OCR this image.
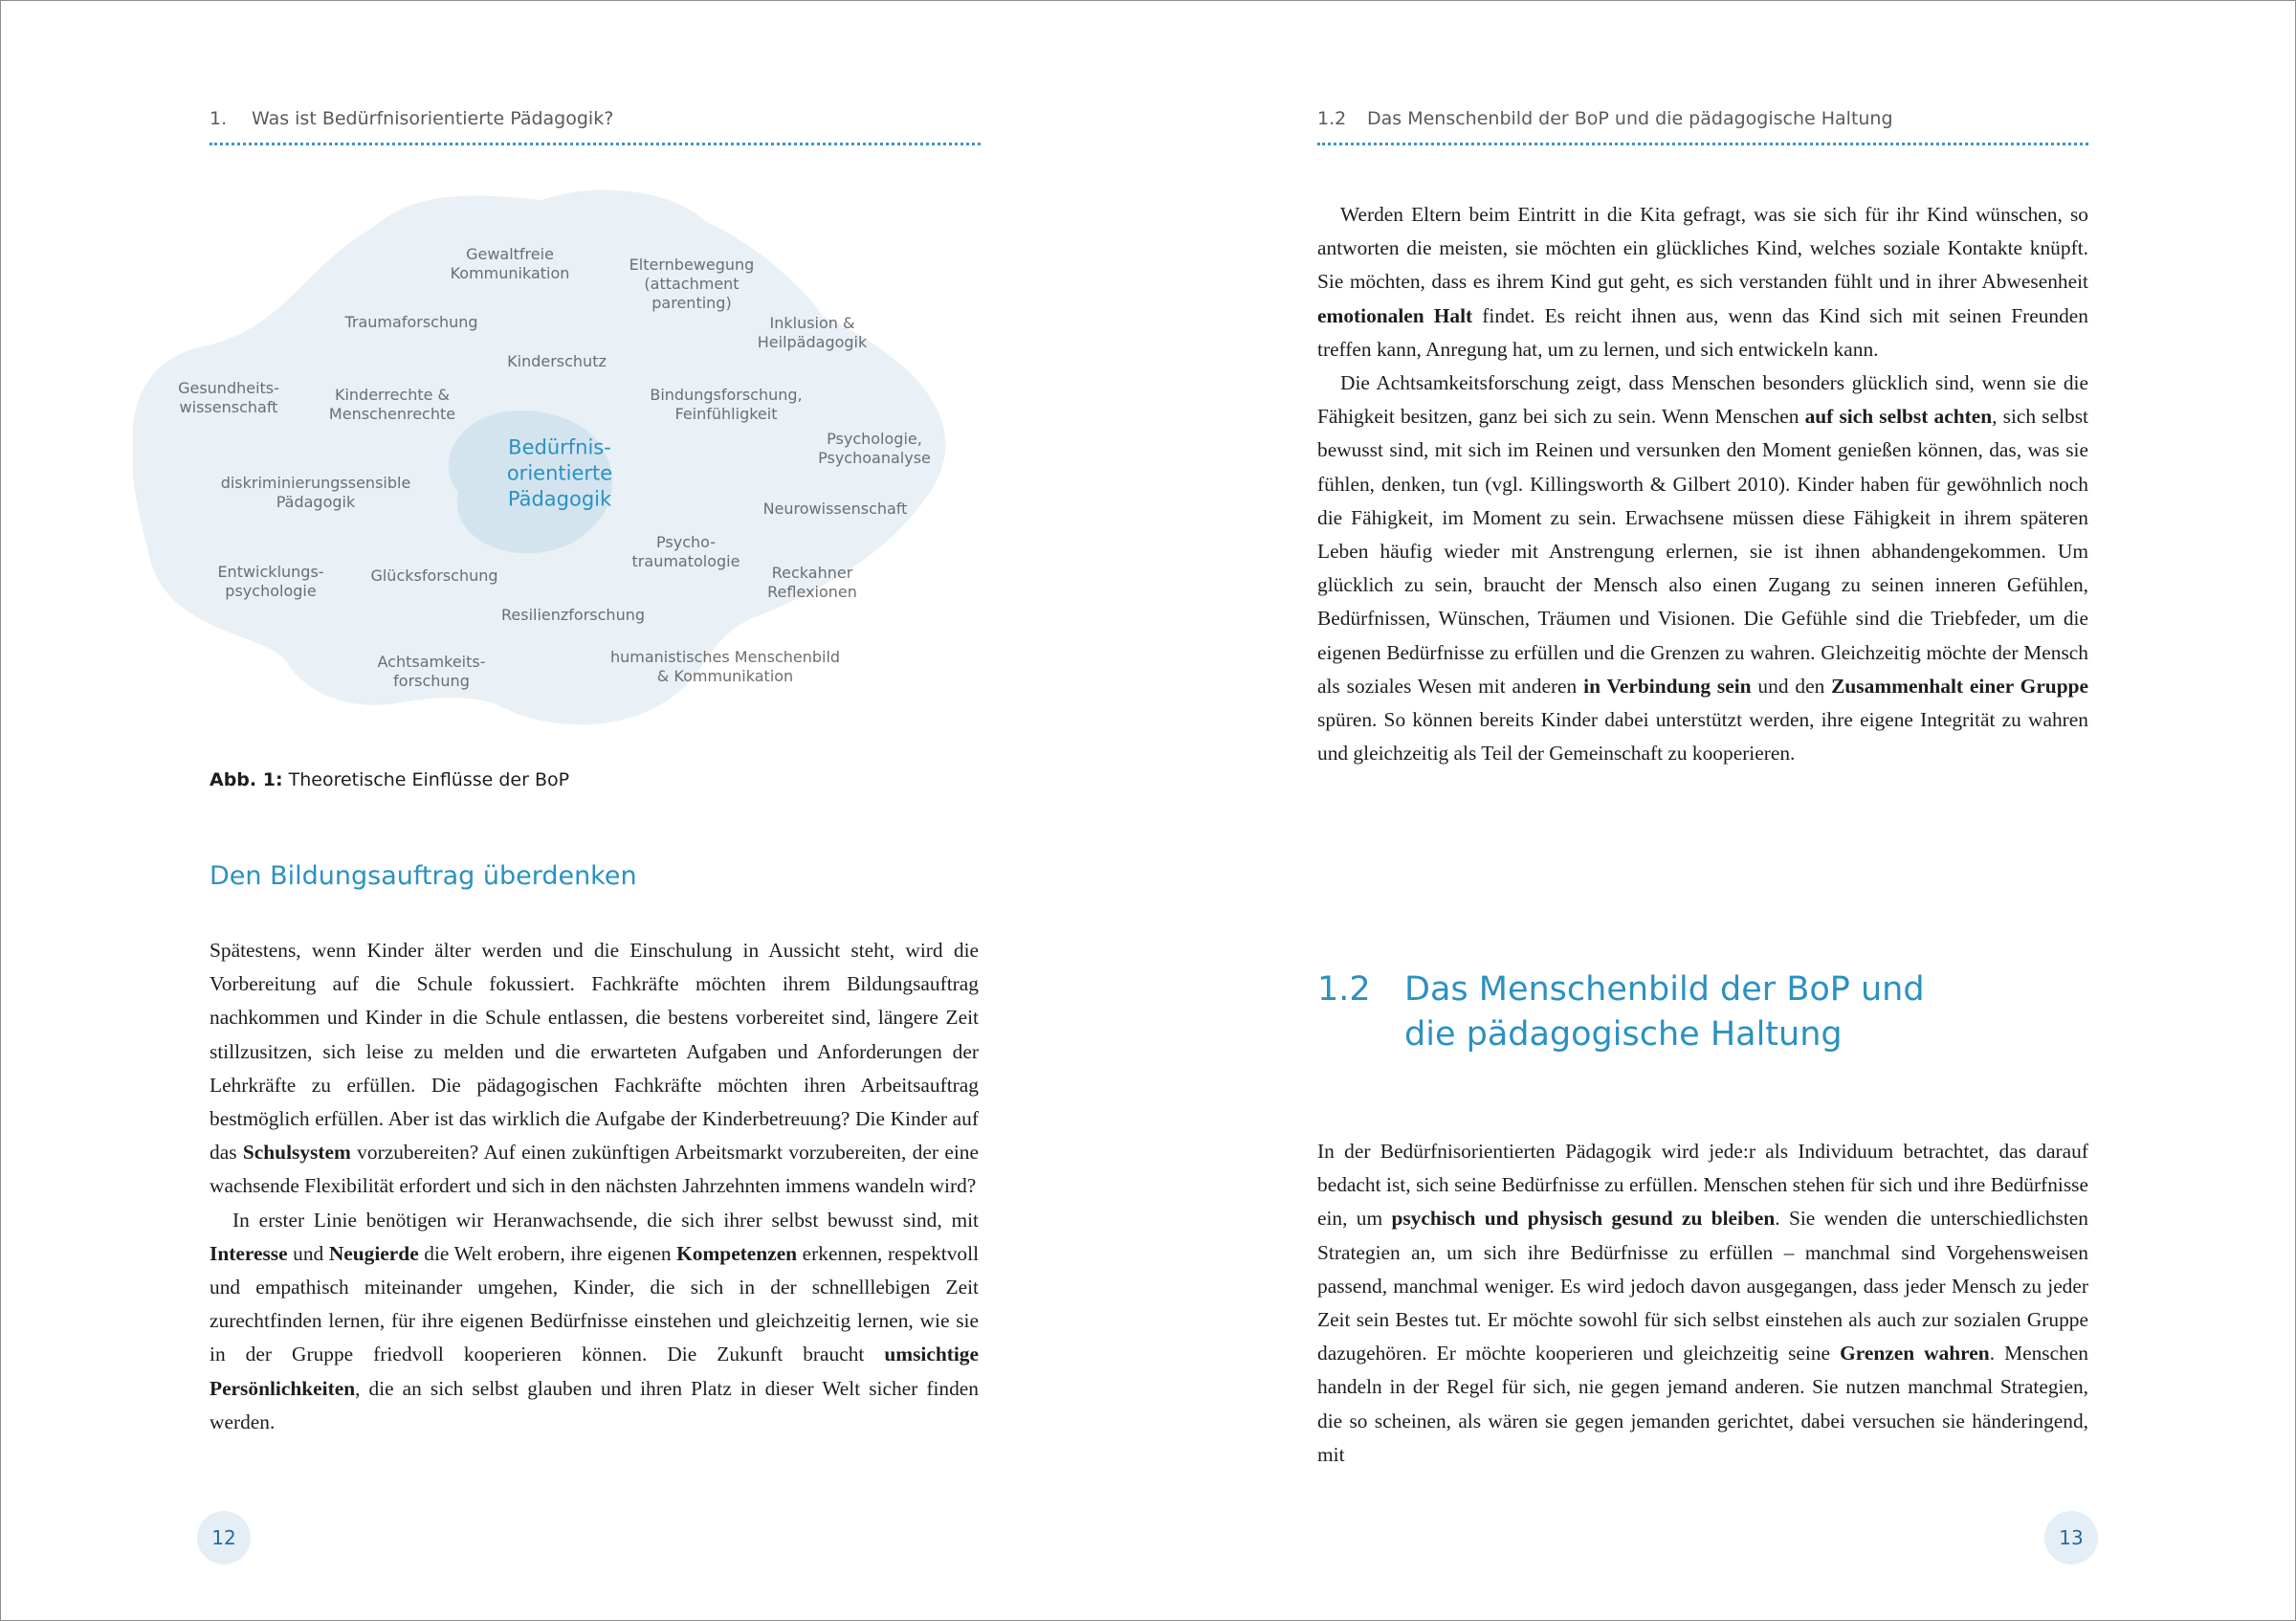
1. Was ist Bedürfnisorientierte Pädagogik?
Bedürfnis-
orientierte
Pädagogik
Gewaltfreie
Kommunikation	Elternbewegung
(attachment
parenting)
Traumaforschung	Inklusion &
Heilpädagogik
Kinderschutz
Gesundheits-
wissenschaft
Kinderrechte &
Menschenrechte
Bindungsforschung,
Feinfühligkeit
Psychologie,
Psychoanalyse
diskriminierungssensible
Pädagogik	Neurowissenschaft
Psycho-
traumatologie
Entwicklungs-
psychologie
Glücksforschung	Reckahner
Reflexionen
Resilienzforschung
Achtsamkeits-
forschung
humanistisches Menschenbild
& Kommunikation
Abb. 1: Theoretische Einflüsse der BoP
Den Bildungsauftrag überdenken

Spätestens, wenn Kinder älter werden und die Einschulung in Aussicht steht, wird die Vorbereitung auf die Schule fokussiert. Fachkräfte möchten ihrem Bildungsauftrag nachkommen und Kinder in die Schule entlassen, die bestens vorbereitet sind, längere Zeit stillzusitzen, sich leise zu melden und die erwarteten Aufgaben und Anforderungen der Lehrkräfte zu erfüllen. Die pädagogischen Fachkräfte möchten ihren Arbeitsauftrag bestmöglich erfüllen. Aber ist das wirklich die Aufgabe der Kinderbetreuung? Die Kinder auf das Schulsystem vorzubereiten? Auf einen zukünftigen Arbeitsmarkt vorzubereiten, der eine wachsende Flexibilität erfordert und sich in den nächsten Jahrzehnten immens wandeln wird?

In erster Linie benötigen wir Heranwachsende, die sich ihrer selbst bewusst sind, mit Interesse und Neugierde die Welt erobern, ihre eigenen Kompetenzen erkennen, respektvoll und empathisch miteinander umgehen, Kinder, die sich in der schnelllebigen Zeit zurechtfinden lernen, für ihre eigenen Bedürfnisse einstehen und gleichzeitig lernen, wie sie in der Gruppe friedvoll kooperieren können. Die Zukunft braucht umsichtige Persönlichkeiten, die an sich selbst glauben und ihren Platz in dieser Welt sicher finden werden.

12
1.2 Das Menschenbild der BoP und die pädagogische Haltung

Werden Eltern beim Eintritt in die Kita gefragt, was sie sich für ihr Kind wünschen, so antworten die meisten, sie möchten ein glückliches Kind, welches soziale Kontakte knüpft. Sie möchten, dass es ihrem Kind gut geht, es sich verstanden fühlt und in ihrer Abwesenheit emotionalen Halt findet. Es reicht ihnen aus, wenn das Kind sich mit seinen Freunden treffen kann, Anregung hat, um zu lernen, und sich entwickeln kann.

Die Achtsamkeitsforschung zeigt, dass Menschen besonders glücklich sind, wenn sie die Fähigkeit besitzen, ganz bei sich zu sein. Wenn Menschen auf sich selbst achten, sich selbst bewusst sind, mit sich im Reinen und versunken den Moment genießen können, das, was sie fühlen, denken, tun (vgl. Killingsworth & Gilbert 2010). Kinder haben für gewöhnlich noch die Fähigkeit, im Moment zu sein. Erwachsene müssen diese Fähigkeit in ihrem späteren Leben häufig wieder mit Anstrengung erlernen, sie ist ihnen abhandengekommen. Um glücklich zu sein, braucht der Mensch also einen Zugang zu seinen inneren Gefühlen, Bedürfnissen, Wünschen, Träumen und Visionen. Die Gefühle sind die Triebfeder, um die eigenen Bedürfnisse zu erfüllen und die Grenzen zu wahren. Gleichzeitig möchte der Mensch als soziales Wesen mit anderen in Verbindung sein und den Zusammenhalt einer Gruppe spüren. So können bereits Kinder dabei unterstützt werden, ihre eigene Integrität zu wahren und gleichzeitig als Teil der Gemeinschaft zu kooperieren.

1.2 Das Menschenbild der BoP und die pädagogische Haltung

In der Bedürfnisorientierten Pädagogik wird jede:r als Individuum betrachtet, das darauf bedacht ist, sich seine Bedürfnisse zu erfüllen. Menschen stehen für sich und ihre Bedürfnisse ein, um psychisch und physisch gesund zu bleiben. Sie wenden die unterschiedlichsten Strategien an, um sich ihre Bedürfnisse zu erfüllen – manchmal sind Vorgehensweisen passend, manchmal weniger. Es wird jedoch davon ausgegangen, dass jeder Mensch zu jeder Zeit sein Bestes tut. Er möchte sowohl für sich selbst einstehen als auch zur sozialen Gruppe dazugehören. Er möchte kooperieren und gleichzeitig seine Grenzen wahren. Menschen handeln in der Regel für sich, nie gegen jemand anderen. Sie nutzen manchmal Strategien, die so scheinen, als wären sie gegen jemanden gerichtet, dabei versuchen sie händeringend, mit

13
